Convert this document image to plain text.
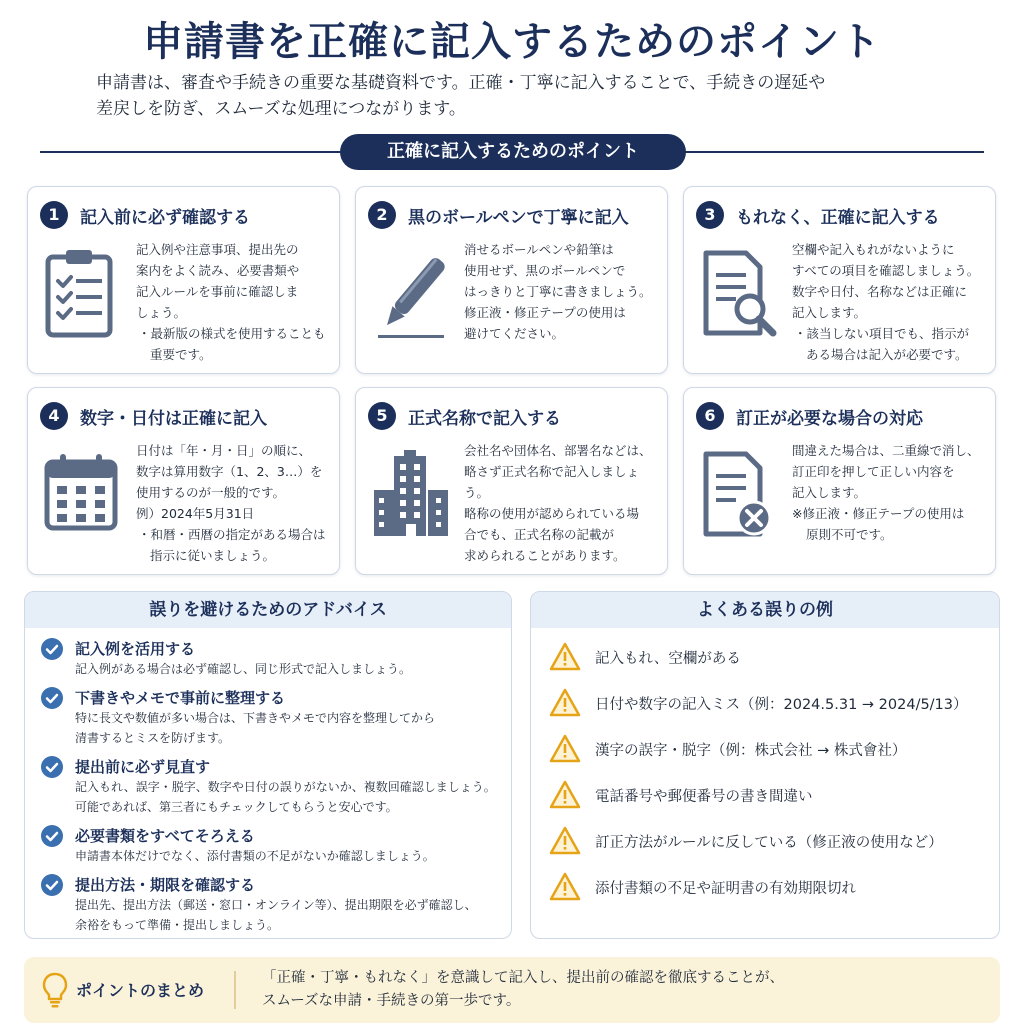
申請書を正確に記入するためのポイント
申請書は、審査や手続きの重要な基礎資料です。正確・丁寧に記入することで、手続きの遅延や
差戻しを防ぎ、スムーズな処理につながります。
正確に記入するためのポイント
1	記入前に必ず確認する
記入例や注意事項、提出先の
案内をよく読み、必要書類や
記入ルールを事前に確認しま
しょう。
・最新版の様式を使用することも
重要です。
2	黒のボールペンで丁寧に記入
消せるボールペンや鉛筆は
使用せず、黒のボールペンで
はっきりと丁寧に書きましょう。
修正液・修正テープの使用は
避けてください。
3	もれなく、正確に記入する
空欄や記入もれがないように
すべての項目を確認しましょう。
数字や日付、名称などは正確に
記入します。
・該当しない項目でも、指示が
ある場合は記入が必要です。
4	数字・日付は正確に記入
日付は「年・月・日」の順に、
数字は算用数字（1、2、3…）を
使用するのが一般的です。
例）2024年5月31日
・和暦・西暦の指定がある場合は
指示に従いましょう。
5	正式名称で記入する
会社名や団体名、部署名などは、
略さず正式名称で記入しましょう。
略称の使用が認められている場
合でも、正式名称の記載が
求められることがあります。
6	訂正が必要な場合の対応
間違えた場合は、二重線で消し、
訂正印を押して正しい内容を
記入します。
※修正液・修正テープの使用は
原則不可です。
誤りを避けるためのアドバイス
記入例を活用する
記入例がある場合は必ず確認し、同じ形式で記入しましょう。
下書きやメモで事前に整理する
特に長文や数値が多い場合は、下書きやメモで内容を整理してから
清書するとミスを防げます。
提出前に必ず見直す
記入もれ、誤字・脱字、数字や日付の誤りがないか、複数回確認しましょう。
可能であれば、第三者にもチェックしてもらうと安心です。
必要書類をすべてそろえる
申請書本体だけでなく、添付書類の不足がないか確認しましょう。
提出方法・期限を確認する
提出先、提出方法（郵送・窓口・オンライン等）、提出期限を必ず確認し、
余裕をもって準備・提出しましょう。
よくある誤りの例
記入もれ、空欄がある
日付や数字の記入ミス（例：2024.5.31 → 2024/5/13）
漢字の誤字・脱字（例：株式会社 → 株式會社）
電話番号や郵便番号の書き間違い
訂正方法がルールに反している（修正液の使用など）
添付書類の不足や証明書の有効期限切れ
ポイントのまとめ
「正確・丁寧・もれなく」を意識して記入し、提出前の確認を徹底することが、
スムーズな申請・手続きの第一歩です。
